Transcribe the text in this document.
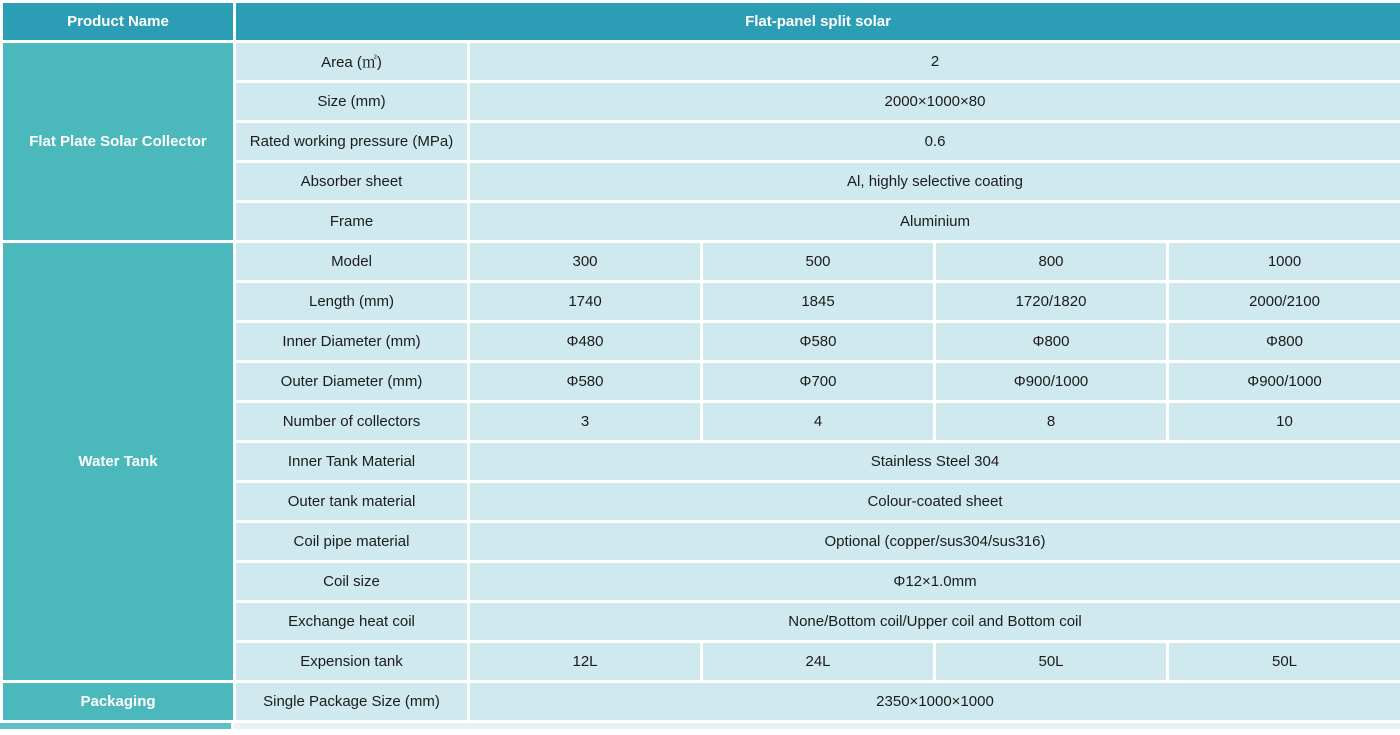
Product Name	Flat-panel split solar				
Flat Plate Solar Collector	Area (㎡)	2			
	Size (mm)	2000×1000×80			
	Rated working pressure (MPa)	0.6			
	Absorber sheet	Al, highly selective coating			
	Frame	Aluminium			
Water Tank	Model	300	500	800	1000
	Length (mm)	1740	1845	1720/1820	2000/2100
	Inner Diameter (mm)	Φ480	Φ580	Φ800	Φ800
	Outer Diameter (mm)	Φ580	Φ700	Φ900/1000	Φ900/1000
	Number of collectors	3	4	8	10
	Inner Tank Material	Stainless Steel 304			
	Outer tank material	Colour-coated sheet			
	Coil pipe material	Optional (copper/sus304/sus316)			
	Coil size	Φ12×1.0mm			
	Exchange heat coil	None/Bottom coil/Upper coil and Bottom coil			
	Expension tank	12L	24L	50L	50L
Packaging	Single Package Size (mm)	2350×1000×1000			
